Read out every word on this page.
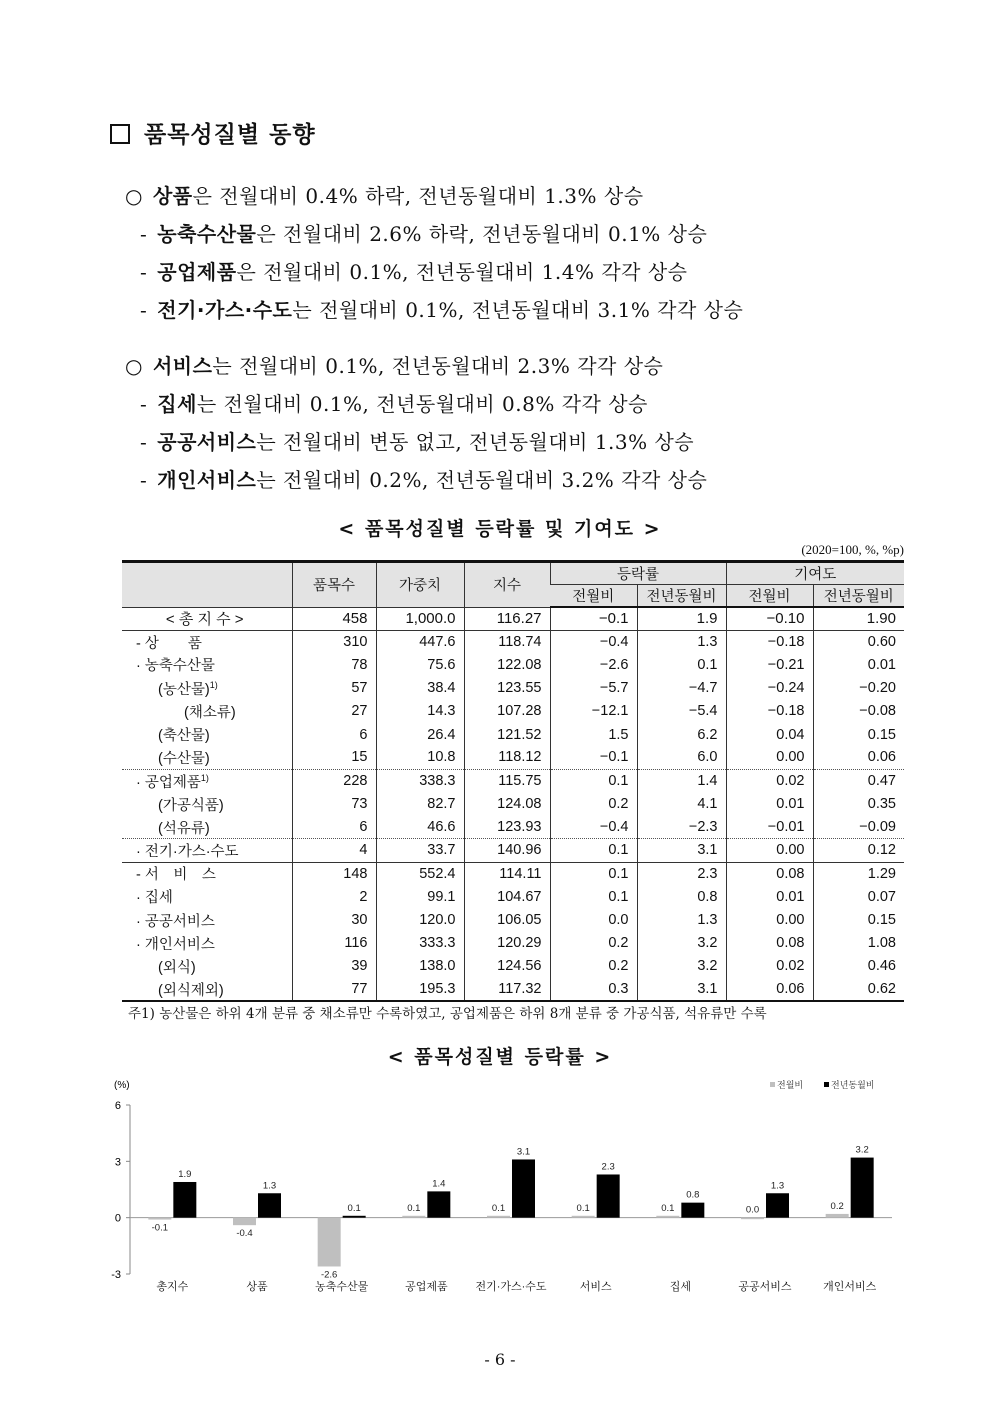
품목성질별 동향
○ 상품은 전월대비 0.4% 하락, 전년동월대비 1.3% 상승
- 농축수산물은 전월대비 2.6% 하락, 전년동월대비 0.1% 상승
- 공업제품은 전월대비 0.1%, 전년동월대비 1.4% 각각 상승
- 전기·가스·수도는 전월대비 0.1%, 전년동월대비 3.1% 각각 상승
○ 서비스는 전월대비 0.1%, 전년동월대비 2.3% 각각 상승
- 집세는 전월대비 0.1%, 전년동월대비 0.8% 각각 상승
- 공공서비스는 전월대비 변동 없고, 전년동월대비 1.3% 상승
- 개인서비스는 전월대비 0.2%, 전년동월대비 3.2% 각각 상승
< 품목성질별 등락률 및 기여도 >
(2020=100, %, %p)
	품목수	가중치	지수	등락률		기여도	
				전월비	전년동월비	전월비	전년동월비
< 총 지 수 >	458	1,000.0	116.27	−0.1	1.9	−0.10	1.90
- 상　　품	310	447.6	118.74	−0.4	1.3	−0.18	0.60
· 농축수산물	78	75.6	122.08	−2.6	0.1	−0.21	0.01
(농산물)$^{1)}$	57	38.4	123.55	−5.7	−4.7	−0.24	−0.20
(채소류)	27	14.3	107.28	−12.1	−5.4	−0.18	−0.08
(축산물)	6	26.4	121.52	1.5	6.2	0.04	0.15
(수산물)	15	10.8	118.12	−0.1	6.0	0.00	0.06
· 공업제품$^{1)}$	228	338.3	115.75	0.1	1.4	0.02	0.47
(가공식품)	73	82.7	124.08	0.2	4.1	0.01	0.35
(석유류)	6	46.6	123.93	−0.4	−2.3	−0.01	−0.09
· 전기·가스·수도	4	33.7	140.96	0.1	3.1	0.00	0.12
- 서　비　스	148	552.4	114.11	0.1	2.3	0.08	1.29
· 집세	2	99.1	104.67	0.1	0.8	0.01	0.07
· 공공서비스	30	120.0	106.05	0.0	1.3	0.00	0.15
· 개인서비스	116	333.3	120.29	0.2	3.2	0.08	1.08
(외식)	39	138.0	124.56	0.2	3.2	0.02	0.46
(외식제외)	77	195.3	117.32	0.3	3.1	0.06	0.62
주1) 농산물은 하위 4개 분류 중 채소류만 수록하였고, 공업제품은 하위 8개 분류 중 가공식품, 석유류만 수록
< 품목성질별 등락률 >
(%)
-3
0
3
6
전월비	전년동월비
-0.1
1.9
총지수
-0.4
1.3
상품
-2.6
0.1
농축수산물
0.1
1.4
공업제품
0.1
3.1
전기·가스·수도
0.1
2.3
서비스
0.1
0.8
집세
0.0
1.3
공공서비스
0.2
3.2
개인서비스
- 6 -
